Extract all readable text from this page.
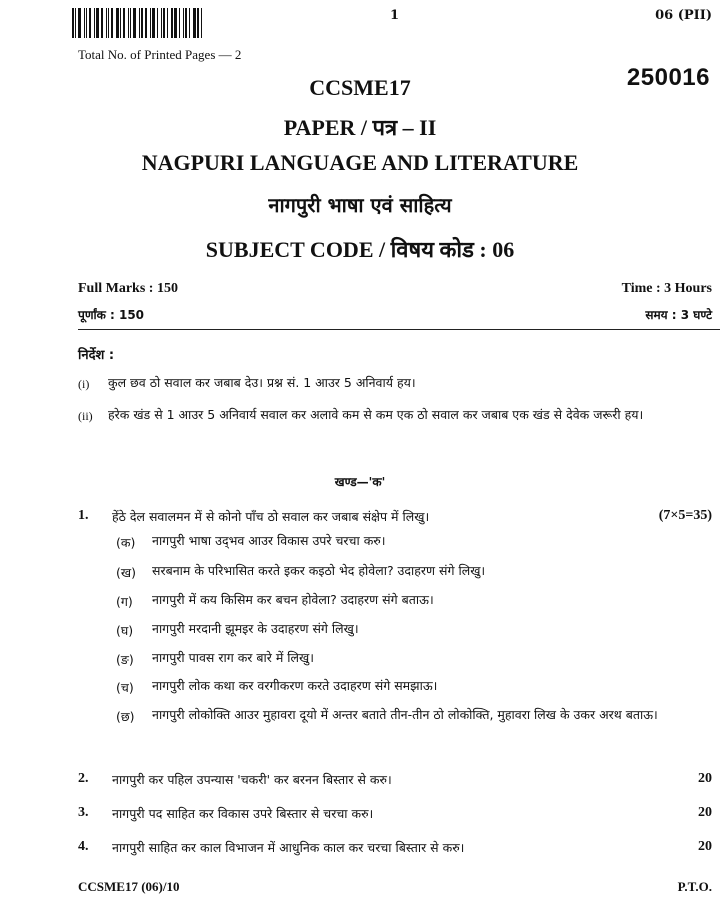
1	06 (PII)
Total No. of Printed Pages — 2
250016
CCSME17
PAPER / पत्र – II
NAGPURI LANGUAGE AND LITERATURE
नागपुरी भाषा एवं साहित्य
SUBJECT CODE / विषय कोड : 06
Full Marks : 150	Time : 3 Hours
पूर्णांक : 150	समय : 3 घण्टे
निर्देश :
(i) कुल छव ठो सवाल कर जबाब देउ। प्रश्न सं. 1 आउर 5 अनिवार्य हय।
(ii) हरेक खंड से 1 आउर 5 अनिवार्य सवाल कर अलावे कम से कम एक ठो सवाल कर जबाब एक खंड से देवेक जरूरी हय।
खण्ड—'क'
1. हेंठे देल सवालमन में से कोनो पाँच ठो सवाल कर जबाब संक्षेप में लिखु।	(7×5=35)
(क) नागपुरी भाषा उद्‌भव आउर विकास उपरे चरचा करु।
(ख) सरबनाम के परिभासित करते इकर कइठो भेद होवेला? उदाहरण संगे लिखु।
(ग) नागपुरी में कय किसिम कर बचन होवेला? उदाहरण संगे बताऊ।
(घ) नागपुरी मरदानी झूमइर के उदाहरण संगे लिखु।
(ङ) नागपुरी पावस राग कर बारे में लिखु।
(च) नागपुरी लोक कथा कर वरगीकरण करते उदाहरण संगे समझाऊ।
(छ) नागपुरी लोकोक्ति आउर मुहावरा दूयो में अन्तर बताते तीन-तीन ठो लोकोक्ति, मुहावरा लिख के उकर अरथ बताऊ।
2. नागपुरी कर पहिल उपन्यास 'चकरी' कर बरनन बिस्तार से करु।	20
3. नागपुरी पद साहित कर विकास उपरे बिस्तार से चरचा करु।	20
4. नागपुरी साहित कर काल विभाजन में आधुनिक काल कर चरचा बिस्तार से करु।	20
CCSME17 (06)/10	P.T.O.
